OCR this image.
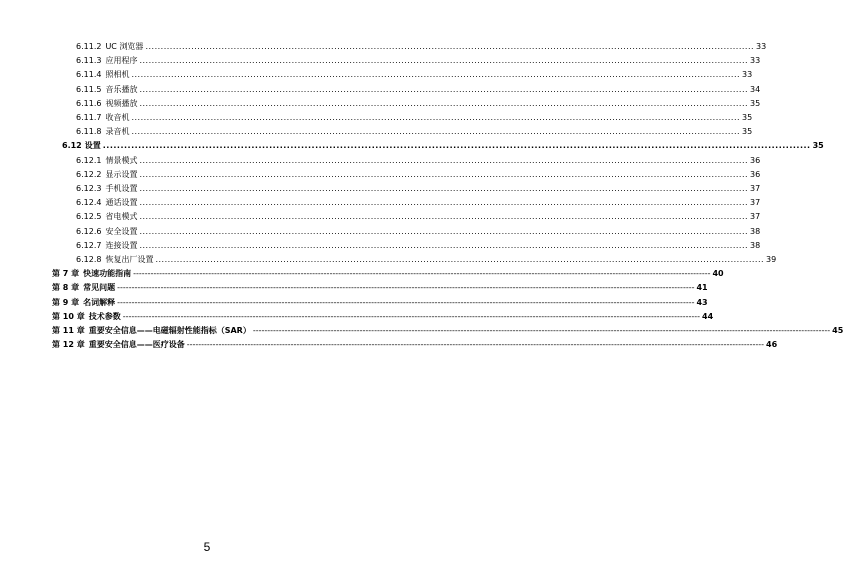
6.11.2 UC 浏览器 ........................................................................................................................................................................................................ 33
6.11.3 应用程序 ........................................................................................................................................................................................................ 33
6.11.4 照相机 ........................................................................................................................................................................................................ 33
6.11.5 音乐播放 ........................................................................................................................................................................................................ 34
6.11.6 视频播放 ........................................................................................................................................................................................................ 35
6.11.7 收音机 ........................................................................................................................................................................................................ 35
6.11.8 录音机 ........................................................................................................................................................................................................ 35
6.12 设置 ........................................................................................................................................................................................................ 35
6.12.1 情景模式 ........................................................................................................................................................................................................ 36
6.12.2 显示设置 ........................................................................................................................................................................................................ 36
6.12.3 手机设置 ........................................................................................................................................................................................................ 37
6.12.4 通话设置 ........................................................................................................................................................................................................ 37
6.12.5 省电模式 ........................................................................................................................................................................................................ 37
6.12.6 安全设置 ........................................................................................................................................................................................................ 38
6.12.7 连接设置 ........................................................................................................................................................................................................ 38
6.12.8 恢复出厂设置 ........................................................................................................................................................................................................ 39
第 7 章 快速功能指南 -------------------------------------------------------------------------------------------------------------------------------------------------------------------------------------------------------- 40
第 8 章 常见问题 -------------------------------------------------------------------------------------------------------------------------------------------------------------------------------------------------------- 41
第 9 章 名词解释 -------------------------------------------------------------------------------------------------------------------------------------------------------------------------------------------------------- 43
第 10 章 技术参数 -------------------------------------------------------------------------------------------------------------------------------------------------------------------------------------------------------- 44
第 11 章 重要安全信息——电磁辐射性能指标（SAR） -------------------------------------------------------------------------------------------------------------------------------------------------------------------------------------------------------- 45
第 12 章 重要安全信息——医疗设备 -------------------------------------------------------------------------------------------------------------------------------------------------------------------------------------------------------- 46
5
